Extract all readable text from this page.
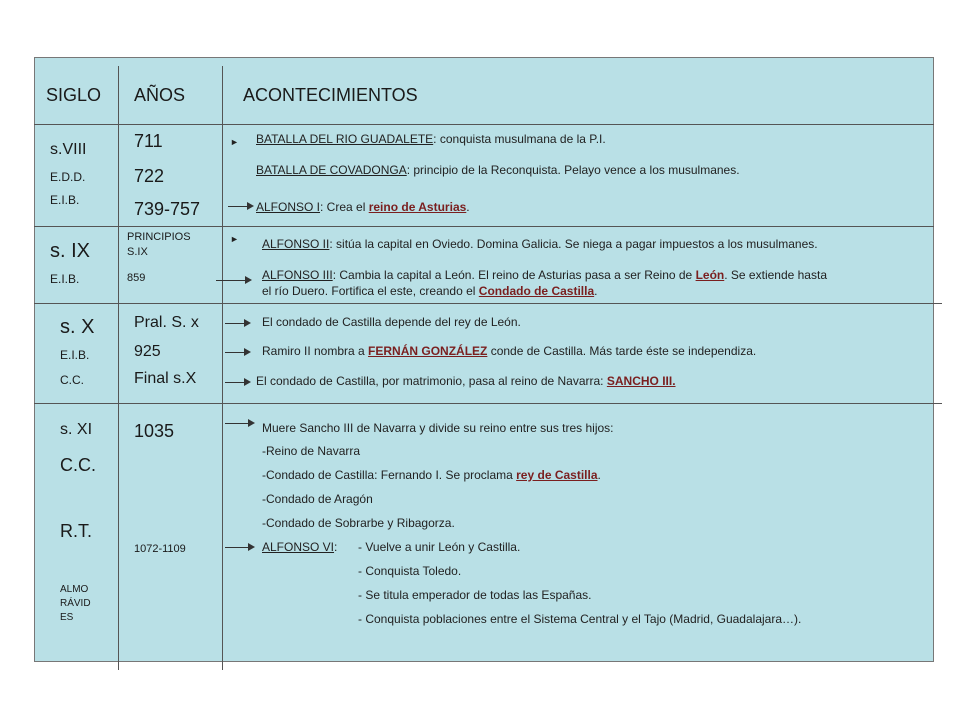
SIGLO AÑOS	ACONTECIMIENTOS
s.VIII
E.D.D.
E.I.B.
711
722
739-757
► BATALLA DEL RIO GUADALETE: conquista musulmana de la P.I.
BATALLA DE COVADONGA: principio de la Reconquista. Pelayo vence a los musulmanes.
ALFONSO I: Crea el reino de Asturias.
s. IX
E.I.B.
PRINCIPIOS
S.IX
859
► ALFONSO II: sitúa la capital en Oviedo. Domina Galicia. Se niega a pagar impuestos a los musulmanes.
ALFONSO III: Cambia la capital a León. El reino de Asturias pasa a ser Reino de León. Se extiende hasta
el río Duero. Fortifica el este, creando el Condado de Castilla.
s. X
E.I.B.
C.C.
Pral. S. x
925
Final s.X
El condado de Castilla depende del rey de León.
Ramiro II nombra a FERNÁN GONZÁLEZ conde de Castilla. Más tarde éste se independiza.
El condado de Castilla, por matrimonio, pasa al reino de Navarra: SANCHO III.
s. XI
C.C.
R.T.
ALMO
RÁVID
ES
1035
1072-1109
Muere Sancho III de Navarra y divide su reino entre sus tres hijos:
-Reino de Navarra
-Condado de Castilla: Fernando I. Se proclama rey de Castilla.
-Condado de Aragón
-Condado de Sobrarbe y Ribagorza.
ALFONSO VI: - Vuelve a unir León y Castilla.
- Conquista Toledo.
- Se titula emperador de todas las Españas.
- Conquista poblaciones entre el Sistema Central y el Tajo (Madrid, Guadalajara…).
